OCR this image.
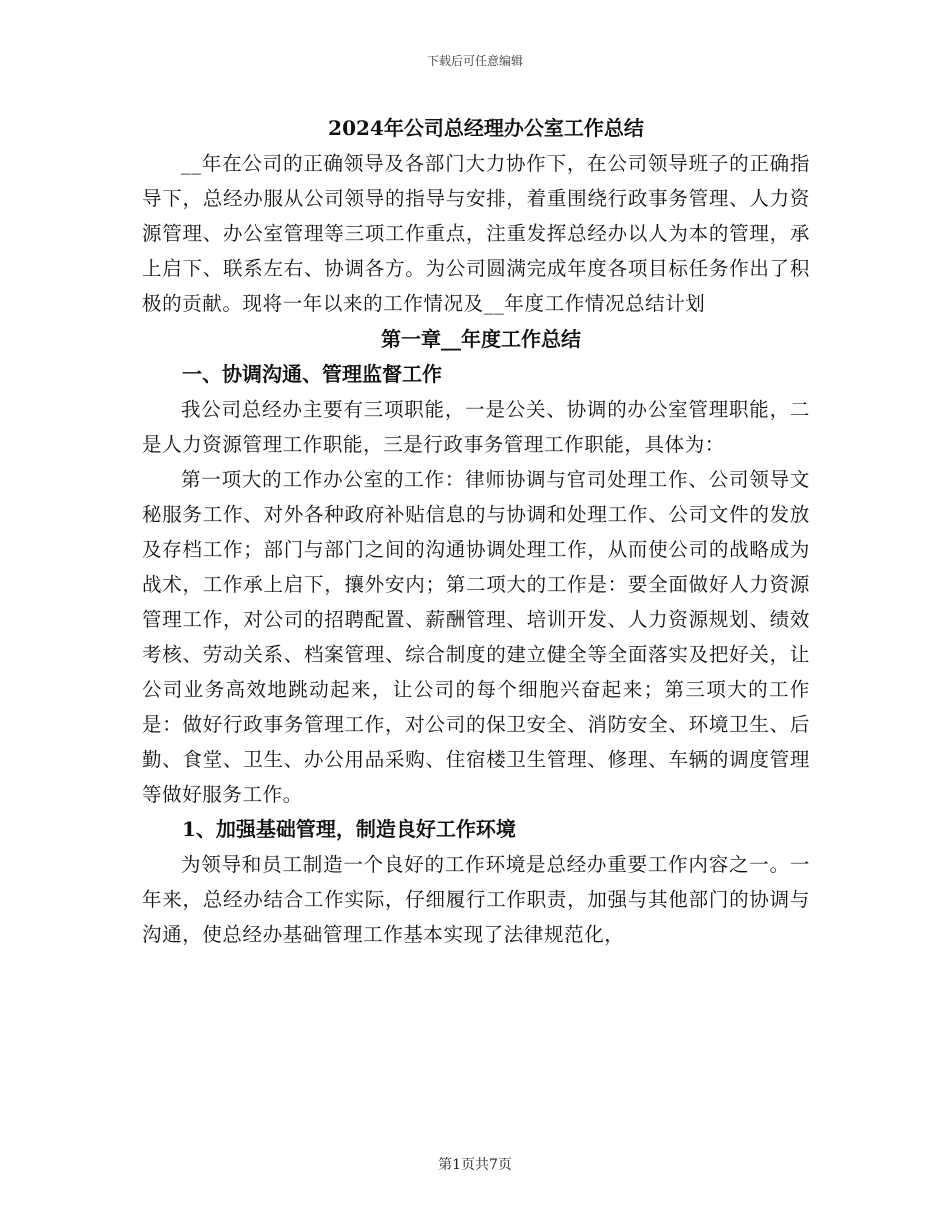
下载后可任意编辑
2024年公司总经理办公室工作总结

__年在公司的正确领导及各部门大力协作下，在公司领导班子的正确指导下，总经办服从公司领导的指导与安排，着重围绕行政事务管理、人力资源管理、办公室管理等三项工作重点，注重发挥总经办以人为本的管理，承上启下、联系左右、协调各方。为公司圆满完成年度各项目标任务作出了积极的贡献。现将一年以来的工作情况及__年度工作情况总结计划

第一章__年度工作总结
一、协调沟通、管理监督工作

我公司总经办主要有三项职能，一是公关、协调的办公室管理职能，二是人力资源管理工作职能，三是行政事务管理工作职能，具体为：

第一项大的工作办公室的工作：律师协调与官司处理工作、公司领导文秘服务工作、对外各种政府补贴信息的与协调和处理工作、公司文件的发放及存档工作；部门与部门之间的沟通协调处理工作，从而使公司的战略成为战术，工作承上启下，攘外安内；第二项大的工作是：要全面做好人力资源管理工作，对公司的招聘配置、薪酬管理、培训开发、人力资源规划、绩效考核、劳动关系、档案管理、综合制度的建立健全等全面落实及把好关，让公司业务高效地跳动起来，让公司的每个细胞兴奋起来；第三项大的工作是：做好行政事务管理工作，对公司的保卫安全、消防安全、环境卫生、后勤、食堂、卫生、办公用品采购、住宿楼卫生管理、修理、车辆的调度管理等做好服务工作。

1、加强基础管理，制造良好工作环境

为领导和员工制造一个良好的工作环境是总经办重要工作内容之一。一年来，总经办结合工作实际，仔细履行工作职责，加强与其他部门的协调与沟通，使总经办基础管理工作基本实现了法律规范化，

第1页共7页
